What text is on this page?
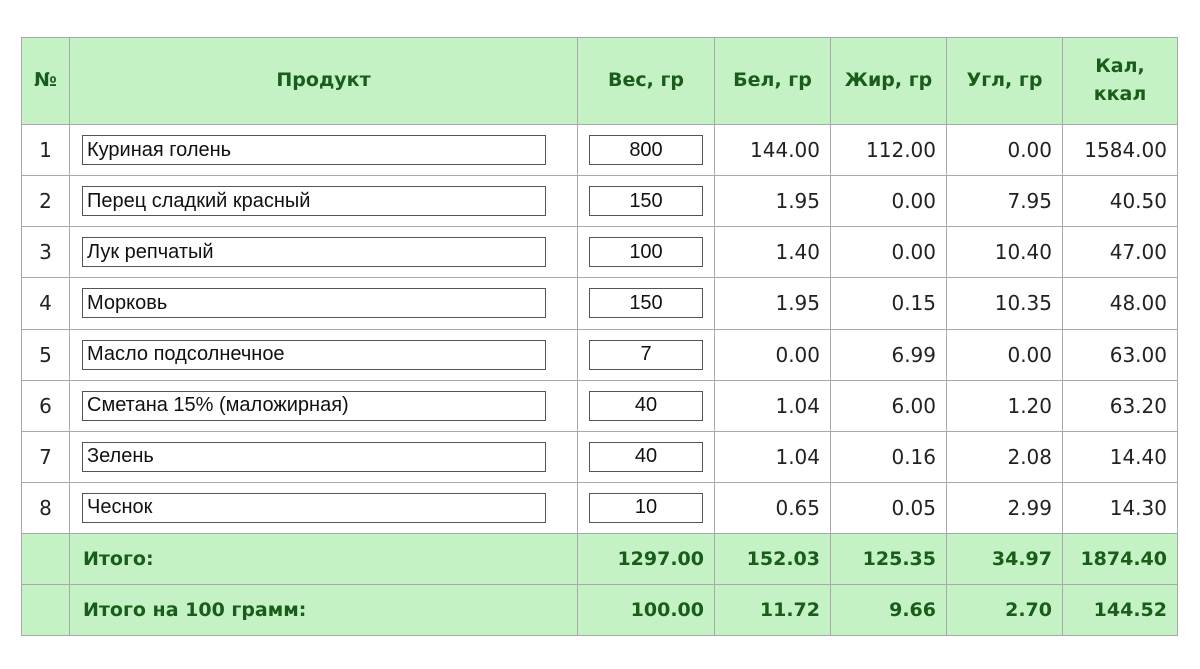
№	Продукт	Вес, гр	Бел, гр	Жир, гр	Угл, гр	Кал,
ккал
1	Куриная голень	800	144.00	112.00	0.00	1584.00
2	Перец сладкий красный	150	1.95	0.00	7.95	40.50
3	Лук репчатый	100	1.40	0.00	10.40	47.00
4	Морковь	150	1.95	0.15	10.35	48.00
5	Масло подсолнечное	7	0.00	6.99	0.00	63.00
6	Сметана 15% (маложирная)	40	1.04	6.00	1.20	63.20
7	Зелень	40	1.04	0.16	2.08	14.40
8	Чеснок	10	0.65	0.05	2.99	14.30
	Итого:	1297.00	152.03	125.35	34.97	1874.40
	Итого на 100 грамм:	100.00	11.72	9.66	2.70	144.52
